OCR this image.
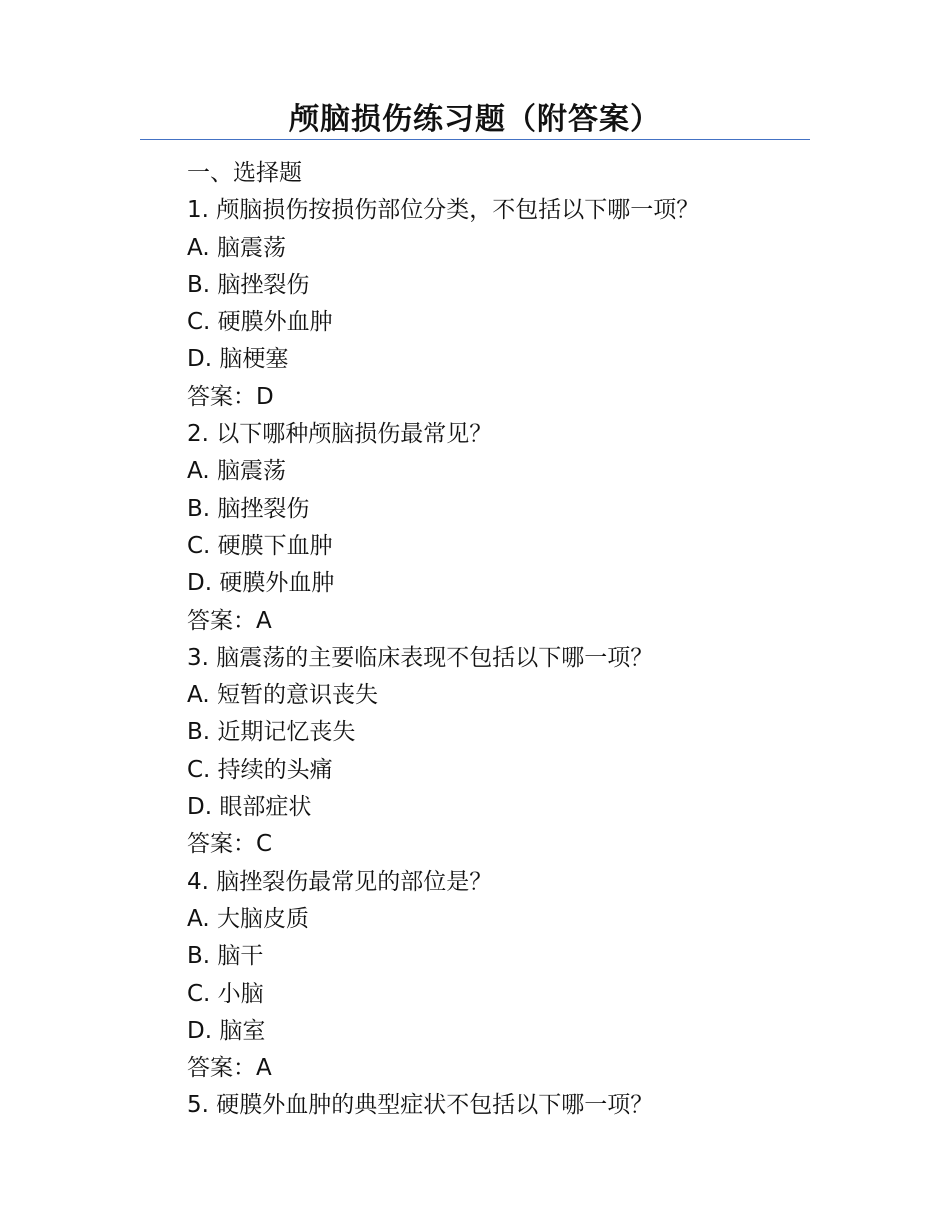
颅脑损伤练习题（附答案）
一、选择题
1. 颅脑损伤按损伤部位分类，不包括以下哪一项？
A. 脑震荡
B. 脑挫裂伤
C. 硬膜外血肿
D. 脑梗塞
答案：D
2. 以下哪种颅脑损伤最常见？
A. 脑震荡
B. 脑挫裂伤
C. 硬膜下血肿
D. 硬膜外血肿
答案：A
3. 脑震荡的主要临床表现不包括以下哪一项？
A. 短暂的意识丧失
B. 近期记忆丧失
C. 持续的头痛
D. 眼部症状
答案：C
4. 脑挫裂伤最常见的部位是？
A. 大脑皮质
B. 脑干
C. 小脑
D. 脑室
答案：A
5. 硬膜外血肿的典型症状不包括以下哪一项？
